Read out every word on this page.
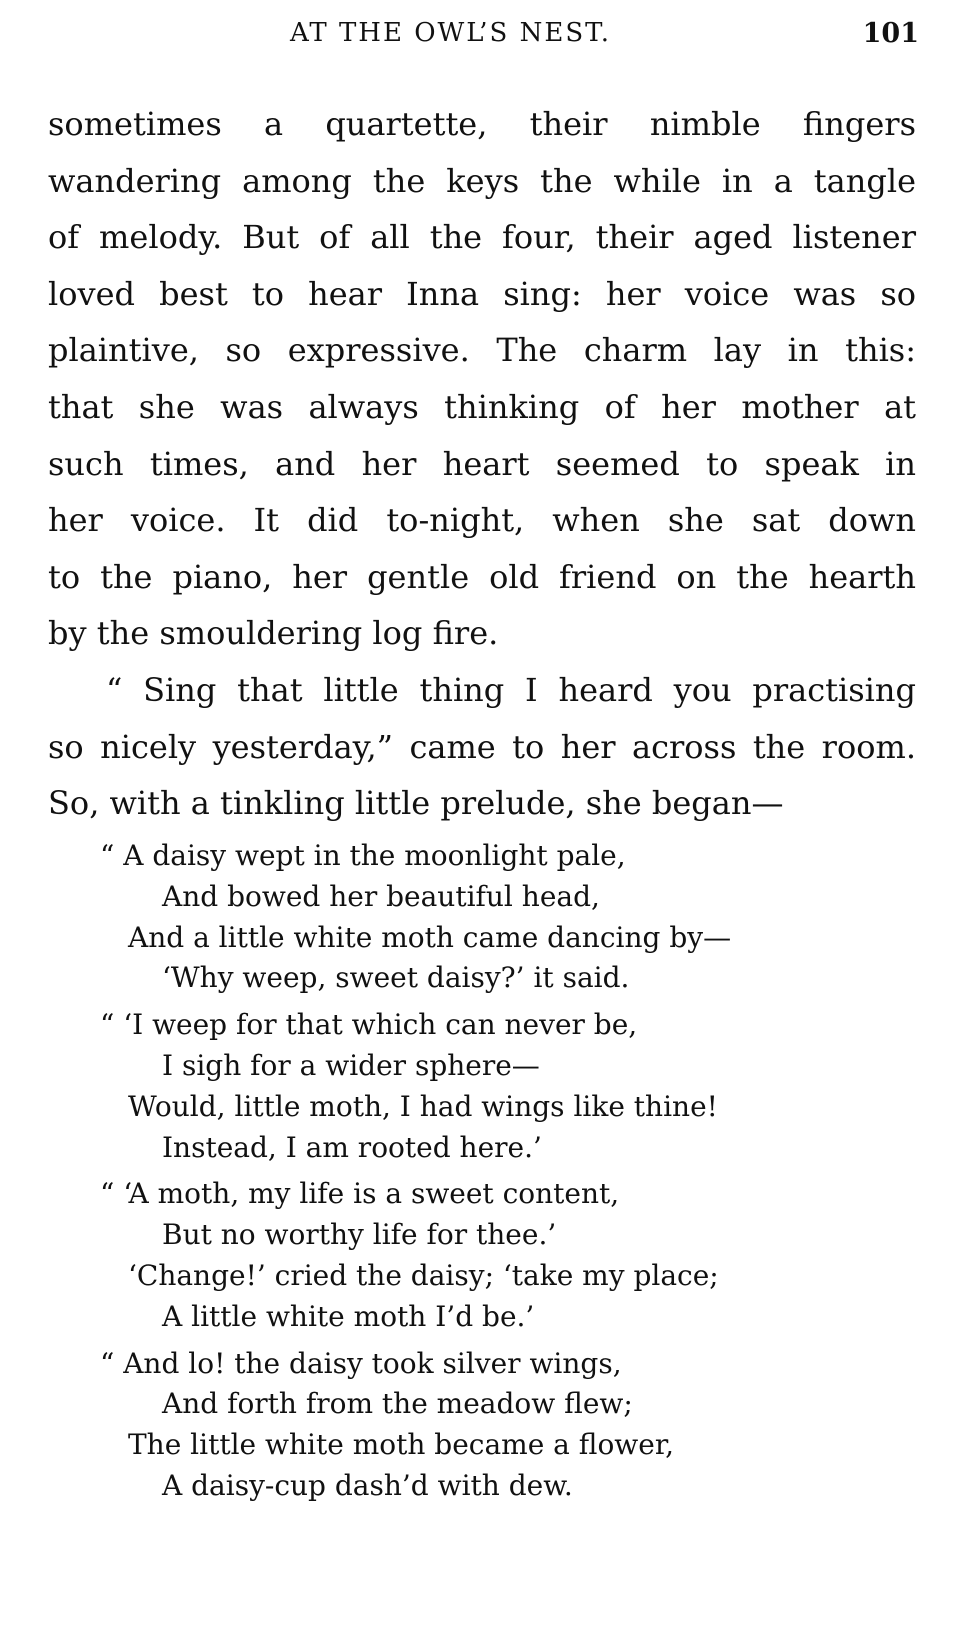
AT THE OWL’S NEST.	101
sometimes a quartette, their nimble fingers
wandering among the keys the while in a tangle
of melody. But of all the four, their aged listener
loved best to hear Inna sing: her voice was so
plaintive, so expressive. The charm lay in this:
that she was always thinking of her mother at
such times, and her heart seemed to speak in
her voice. It did to-night, when she sat down
to the piano, her gentle old friend on the hearth
by the smouldering log fire.
“ Sing that little thing I heard you practising
so nicely yesterday,” came to her across the room.
So, with a tinkling little prelude, she began—
“ A daisy wept in the moonlight pale,
And bowed her beautiful head,
And a little white moth came dancing by—
‘Why weep, sweet daisy?’ it said.
“ ‘I weep for that which can never be,
I sigh for a wider sphere—
Would, little moth, I had wings like thine!
Instead, I am rooted here.’
“ ‘A moth, my life is a sweet content,
But no worthy life for thee.’
‘Change!’ cried the daisy; ‘take my place;
A little white moth I’d be.’
“ And lo! the daisy took silver wings,
And forth from the meadow flew;
The little white moth became a flower,
A daisy-cup dash’d with dew.
